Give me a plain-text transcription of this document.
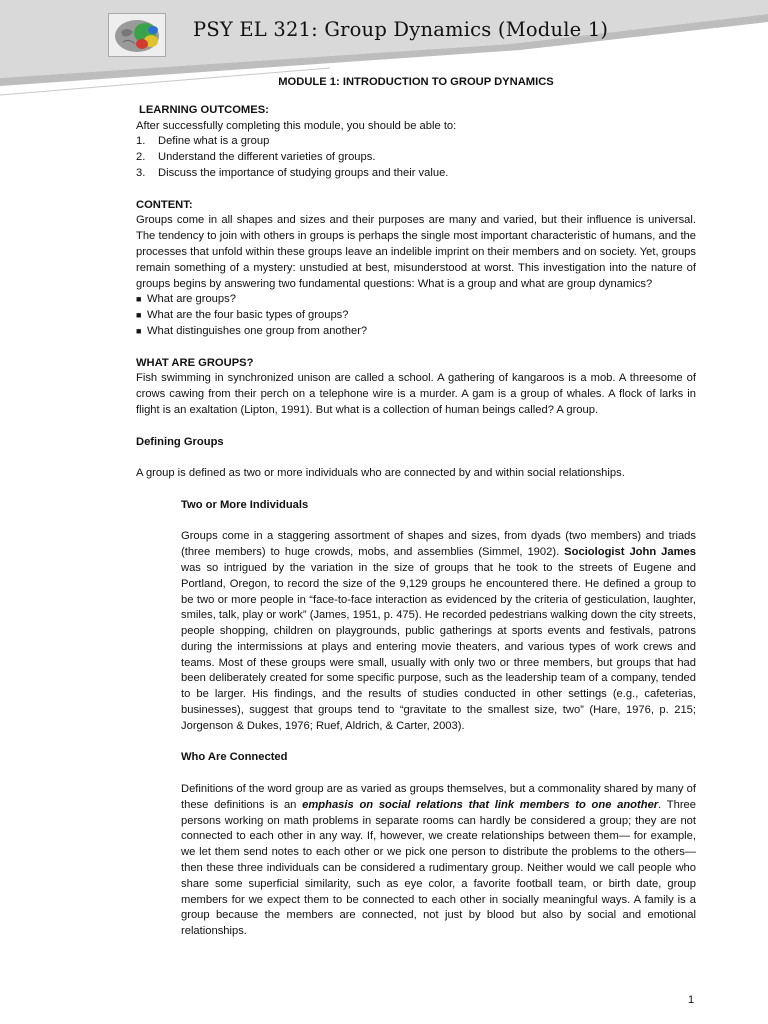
PSY EL 321: Group Dynamics (Module 1)
MODULE 1: INTRODUCTION TO GROUP DYNAMICS
LEARNING OUTCOMES:
After successfully completing this module, you should be able to:
1. Define what is a group
2. Understand the different varieties of groups.
3. Discuss the importance of studying groups and their value.
CONTENT:
Groups come in all shapes and sizes and their purposes are many and varied, but their influence is universal. The tendency to join with others in groups is perhaps the single most important characteristic of humans, and the processes that unfold within these groups leave an indelible imprint on their members and on society. Yet, groups remain something of a mystery: unstudied at best, misunderstood at worst. This investigation into the nature of groups begins by answering two fundamental questions: What is a group and what are group dynamics?
■ What are groups?
■ What are the four basic types of groups?
■ What distinguishes one group from another?
WHAT ARE GROUPS?
Fish swimming in synchronized unison are called a school. A gathering of kangaroos is a mob. A threesome of crows cawing from their perch on a telephone wire is a murder. A gam is a group of whales. A flock of larks in flight is an exaltation (Lipton, 1991). But what is a collection of human beings called? A group.
Defining Groups
A group is defined as two or more individuals who are connected by and within social relationships.
Two or More Individuals
Groups come in a staggering assortment of shapes and sizes, from dyads (two members) and triads (three members) to huge crowds, mobs, and assemblies (Simmel, 1902). Sociologist John James was so intrigued by the variation in the size of groups that he took to the streets of Eugene and Portland, Oregon, to record the size of the 9,129 groups he encountered there. He defined a group to be two or more people in “face-to-face interaction as evidenced by the criteria of gesticulation, laughter, smiles, talk, play or work” (James, 1951, p. 475). He recorded pedestrians walking down the city streets, people shopping, children on playgrounds, public gatherings at sports events and festivals, patrons during the intermissions at plays and entering movie theaters, and various types of work crews and teams. Most of these groups were small, usually with only two or three members, but groups that had been deliberately created for some specific purpose, such as the leadership team of a company, tended to be larger. His findings, and the results of studies conducted in other settings (e.g., cafeterias, businesses), suggest that groups tend to “gravitate to the smallest size, two” (Hare, 1976, p. 215; Jorgenson & Dukes, 1976; Ruef, Aldrich, & Carter, 2003).
Who Are Connected
Definitions of the word group are as varied as groups themselves, but a commonality shared by many of these definitions is an emphasis on social relations that link members to one another. Three persons working on math problems in separate rooms can hardly be considered a group; they are not connected to each other in any way. If, however, we create relationships between them— for example, we let them send notes to each other or we pick one person to distribute the problems to the others—then these three individuals can be considered a rudimentary group. Neither would we call people who share some superficial similarity, such as eye color, a favorite football team, or birth date, group members for we expect them to be connected to each other in socially meaningful ways. A family is a group because the members are connected, not just by blood but also by social and emotional relationships.
1
